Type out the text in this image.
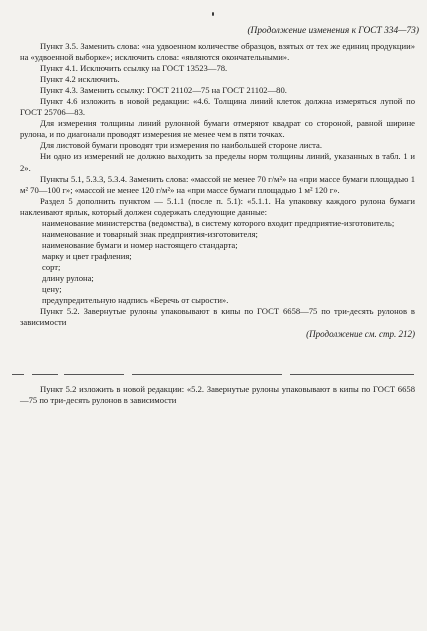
(Продолжение изменения к ГОСТ 334—73)

Пункт 3.5. Заменить слова: «на удвоенном количестве образцов, взятых от тех же единиц продукции» на «удвоенной выборке»; исключить слова: «являются окончательными».

Пункт 4.1. Исключить ссылку на ГОСТ 13523—78.

Пункт 4.2 исключить.

Пункт 4.3. Заменить ссылку: ГОСТ 21102—75 на ГОСТ 21102—80.

Пункт 4.6 изложить в новой редакции: «4.6. Толщина линий клеток должна измеряться лупой по ГОСТ 25706—83.

Для измерения толщины линий рулонной бумаги отмеряют квадрат со стороной, равной ширине рулона, и по диагонали проводят измерения не менее чем в пяти точках.

Для листовой бумаги проводят три измерения по наибольшей стороне листа.

Ни одно из измерений не должно выходить за пределы норм толщины линий, указанных в табл. 1 и 2».

Пункты 5.1, 5.3.3, 5.3.4. Заменить слова: «массой не менее 70 г/м²» на «при массе бумаги площадью 1 м² 70—100 г»; «массой не менее 120 г/м²» на «при массе бумаги площадью 1 м² 120 г».

Раздел 5 дополнить пунктом — 5.1.1 (после п. 5.1): «5.1.1. На упаковку каждого рулона бумаги наклеивают ярлык, который должен содержать следующие данные:

наименование министерства (ведомства), в систему которого входит предприятие-изготовитель;

наименование и товарный знак предприятия-изготовителя;

наименование бумаги и номер настоящего стандарта;

марку и цвет графления;

сорт;

длину рулона;

цену;

предупредительную надпись «Беречь от сырости».

Пункт 5.2. Завернутые рулоны упаковывают в кипы по ГОСТ 6658—75 по три-десять рулонов в зависимости

(Продолжение см. стр. 212)

Пункт 5.2 изложить в новой редакции: «5.2. Завернутые рулоны упаковывают в кипы по ГОСТ 6658—75 по три-десять рулонов в зависимости
